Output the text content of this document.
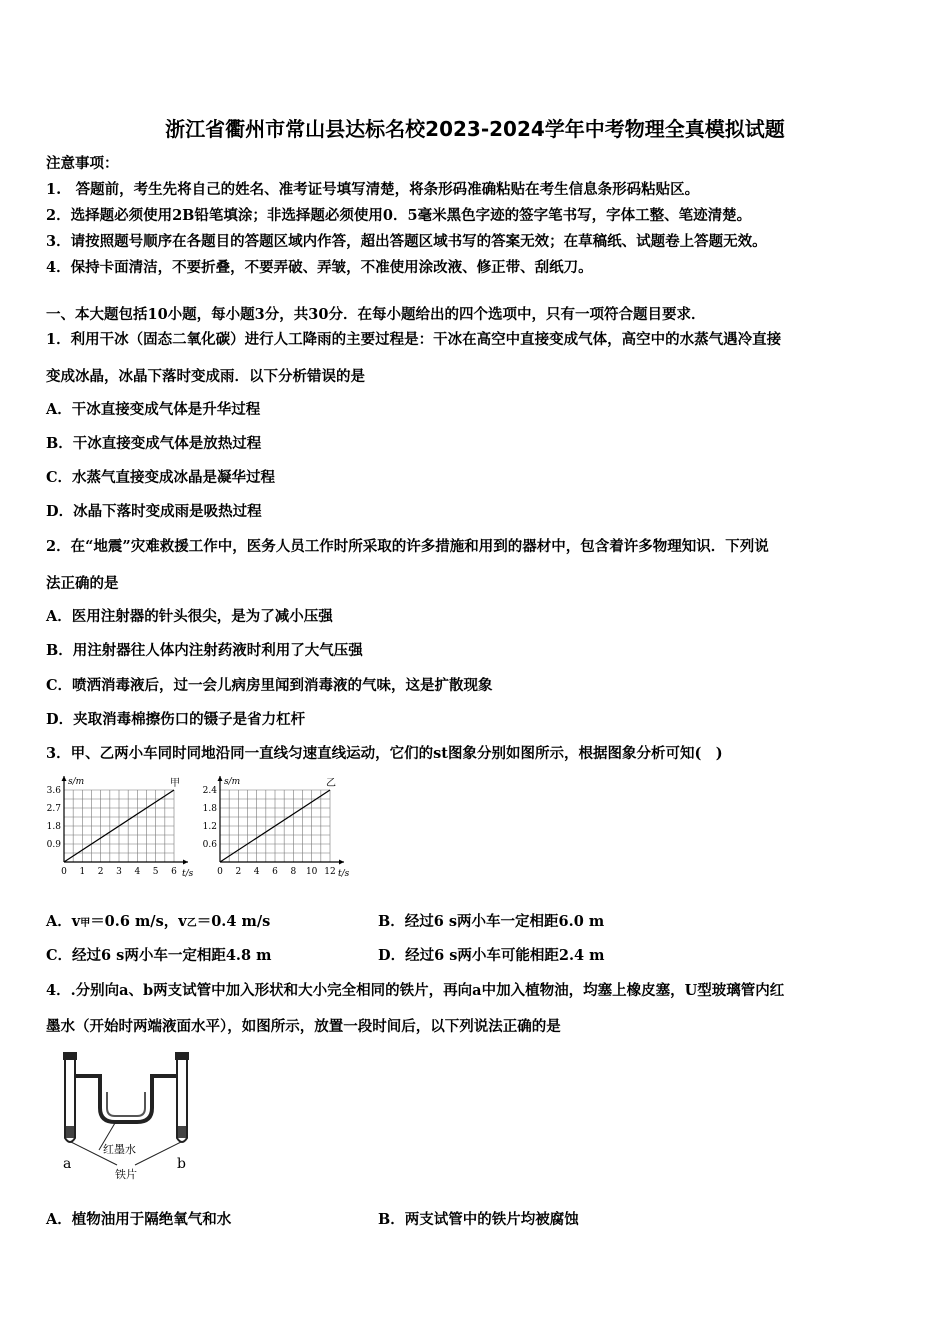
浙江省衢州市常山县达标名校2023-2024学年中考物理全真模拟试题
注意事项：
1.　答题前，考生先将自己的姓名、准考证号填写清楚，将条形码准确粘贴在考生信息条形码粘贴区。
2．选择题必须使用2B铅笔填涂；非选择题必须使用0．5毫米黑色字迹的签字笔书写，字体工整、笔迹清楚。
3．请按照题号顺序在各题目的答题区域内作答，超出答题区域书写的答案无效；在草稿纸、试题卷上答题无效。
4．保持卡面清洁，不要折叠，不要弄破、弄皱，不准使用涂改液、修正带、刮纸刀。
一、本大题包括10小题，每小题3分，共30分．在每小题给出的四个选项中，只有一项符合题目要求．
1．利用干冰（固态二氧化碳）进行人工降雨的主要过程是：干冰在高空中直接变成气体，高空中的水蒸气遇冷直接
变成冰晶，冰晶下落时变成雨．以下分析错误的是
A．干冰直接变成气体是升华过程
B．干冰直接变成气体是放热过程
C．水蒸气直接变成冰晶是凝华过程
D．冰晶下落时变成雨是吸热过程
2．在“地震”灾难救援工作中，医务人员工作时所采取的许多措施和用到的器材中，包含着许多物理知识．下列说
法正确的是
A．医用注射器的针头很尖，是为了减小压强
B．用注射器往人体内注射药液时利用了大气压强
C．喷洒消毒液后，过一会儿病房里闻到消毒液的气味，这是扩散现象
D．夹取消毒棉擦伤口的镊子是省力杠杆
3．甲、乙两小车同时同地沿同一直线匀速直线运动，它们的st图象分别如图所示，根据图象分析可知(　)
0 1 2 3 4 5 6
0.9
1.8
2.7
3.6
s/m
t/s
甲
0 2 4 6 8 10 12
0.6
1.2
1.8
2.4
s/m
t/s
乙
A．v甲＝0.6 m/s，v乙＝0.4 m/s	B．经过6 s两小车一定相距6.0 m
C．经过6 s两小车一定相距4.8 m	D．经过6 s两小车可能相距2.4 m
4．.分别向a、b两支试管中加入形状和大小完全相同的铁片，再向a中加入植物油，均塞上橡皮塞，U型玻璃管内红
墨水（开始时两端液面水平），如图所示，放置一段时间后，以下列说法正确的是
a	b
红墨水
铁片
A．植物油用于隔绝氧气和水	B．两支试管中的铁片均被腐蚀
